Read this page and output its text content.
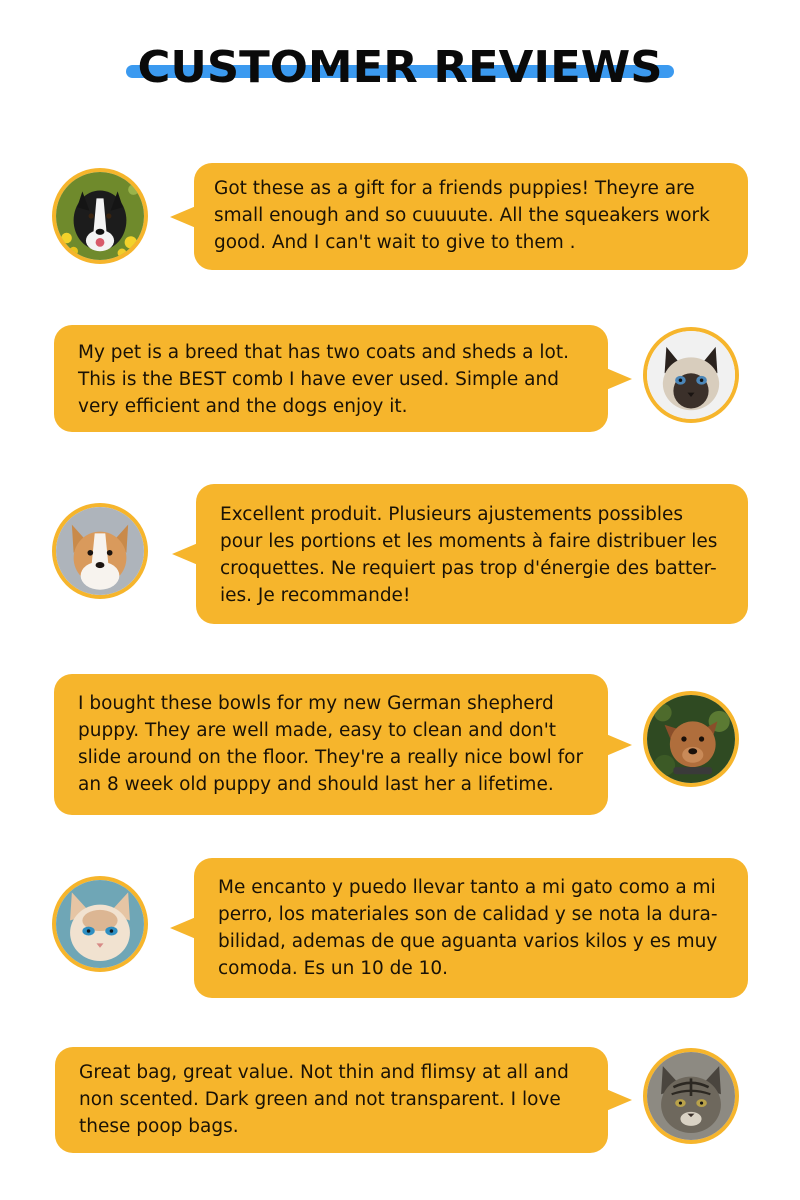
CUSTOMER REVIEWS

Got these as a gift for a friends puppies! Theyre are small enough and so cuuuute. All the squeakers work good. And I can't wait to give to them .

My pet is a breed that has two coats and sheds a lot. This is the BEST comb I have ever used. Simple and very efficient and the dogs enjoy it.

Excellent produit. Plusieurs ajustements possibles pour les portions et les moments à faire distribuer les croquettes. Ne requiert pas trop d'énergie des batter-ies. Je recommande!

I bought these bowls for my new German shepherd puppy. They are well made, easy to clean and don't slide around on the floor. They're a really nice bowl for an 8 week old puppy and should last her a lifetime.

Me encanto y puedo llevar tanto a mi gato como a mi perro, los materiales son de calidad y se nota la dura-bilidad, ademas de que aguanta varios kilos y es muy comoda. Es un 10 de 10.

Great bag, great value. Not thin and flimsy at all and non scented. Dark green and not transparent. I love these poop bags.
